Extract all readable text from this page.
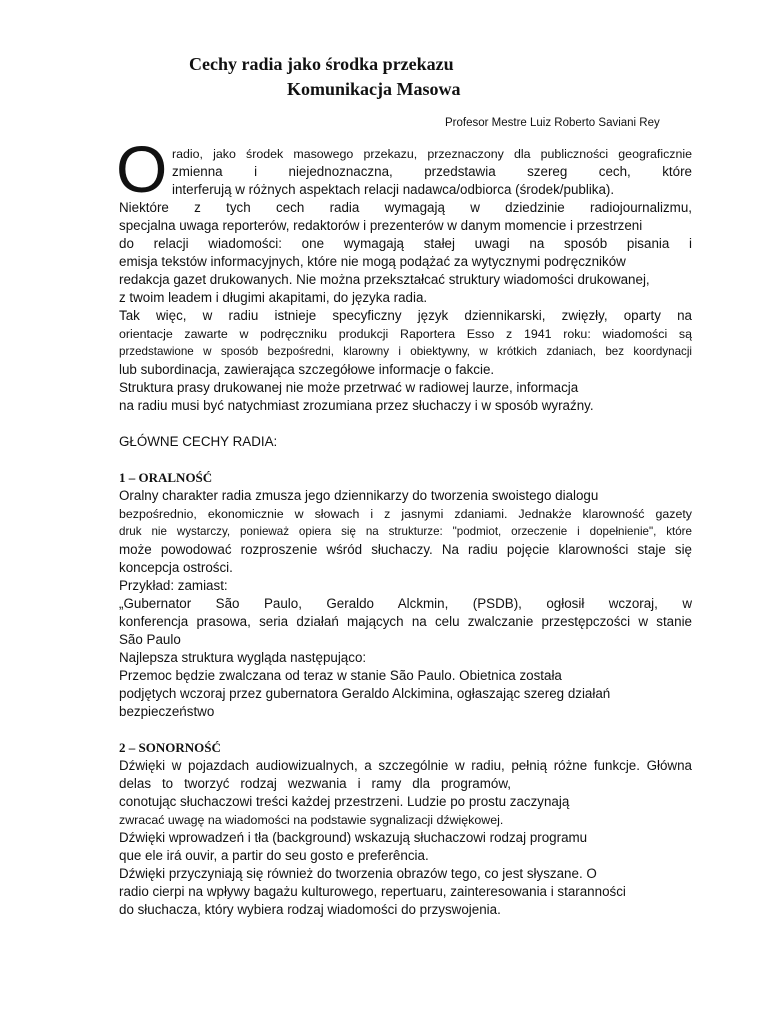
Cechy radia jako środka przekazu
Komunikacja Masowa
Profesor Mestre Luiz Roberto Saviani Rey
O radio, jako środek masowego przekazu, przeznaczony dla publiczności geograficznie
zmienna i niejednoznaczna, przedstawia szereg cech, które
interferują w różnych aspektach relacji nadawca/odbiorca (środek/publika).
Niektóre z tych cech radia wymagają w dziedzinie radiojournalizmu,
specjalna uwaga reporterów, redaktorów i prezenterów w danym momencie i przestrzeni
do relacji wiadomości: one wymagają stałej uwagi na sposób pisania i
emisja tekstów informacyjnych, które nie mogą podążać za wytycznymi podręczników
redakcja gazet drukowanych. Nie można przekształcać struktury wiadomości drukowanej,
z twoim leadem i długimi akapitami, do języka radia.
Tak więc, w radiu istnieje specyficzny język dziennikarski, zwięzły, oparty na
orientacje zawarte w podręczniku produkcji Raportera Esso z 1941 roku: wiadomości są
przedstawione w sposób bezpośredni, klarowny i obiektywny, w krótkich zdaniach, bez koordynacji
lub subordinacja, zawierająca szczegółowe informacje o fakcie.
Struktura prasy drukowanej nie może przetrwać w radiowej laurze, informacja
na radiu musi być natychmiast zrozumiana przez słuchaczy i w sposób wyraźny.
GŁÓWNE CECHY RADIA:
1 – ORALNOŚĆ
Oralny charakter radia zmusza jego dziennikarzy do tworzenia swoistego dialogu
bezpośrednio, ekonomicznie w słowach i z jasnymi zdaniami. Jednakże klarowność gazety
druk nie wystarczy, ponieważ opiera się na strukturze: "podmiot, orzeczenie i dopełnienie", które
może powodować rozproszenie wśród słuchaczy. Na radiu pojęcie klarowności staje się
koncepcja ostrości.
Przykład: zamiast:
„Gubernator São Paulo, Geraldo Alckmin, (PSDB), ogłosił wczoraj, w
konferencja prasowa, seria działań mających na celu zwalczanie przestępczości w stanie
São Paulo
Najlepsza struktura wygląda następująco:
Przemoc będzie zwalczana od teraz w stanie São Paulo. Obietnica została
podjętych wczoraj przez gubernatora Geraldo Alckimina, ogłaszając szereg działań
bezpieczeństwo
2 – SONORNOŚĆ
Dźwięki w pojazdach audiowizualnych, a szczególnie w radiu, pełnią różne funkcje. Główna
delas to tworzyć rodzaj wezwania i ramy dla programów,
conotując słuchaczowi treści każdej przestrzeni. Ludzie po prostu zaczynają
zwracać uwagę na wiadomości na podstawie sygnalizacji dźwiękowej.
Dźwięki wprowadzeń i tła (background) wskazują słuchaczowi rodzaj programu
que ele irá ouvir, a partir do seu gosto e preferência.
Dźwięki przyczyniają się również do tworzenia obrazów tego, co jest słyszane. O
radio cierpi na wpływy bagażu kulturowego, repertuaru, zainteresowania i staranności
do słuchacza, który wybiera rodzaj wiadomości do przyswojenia.
